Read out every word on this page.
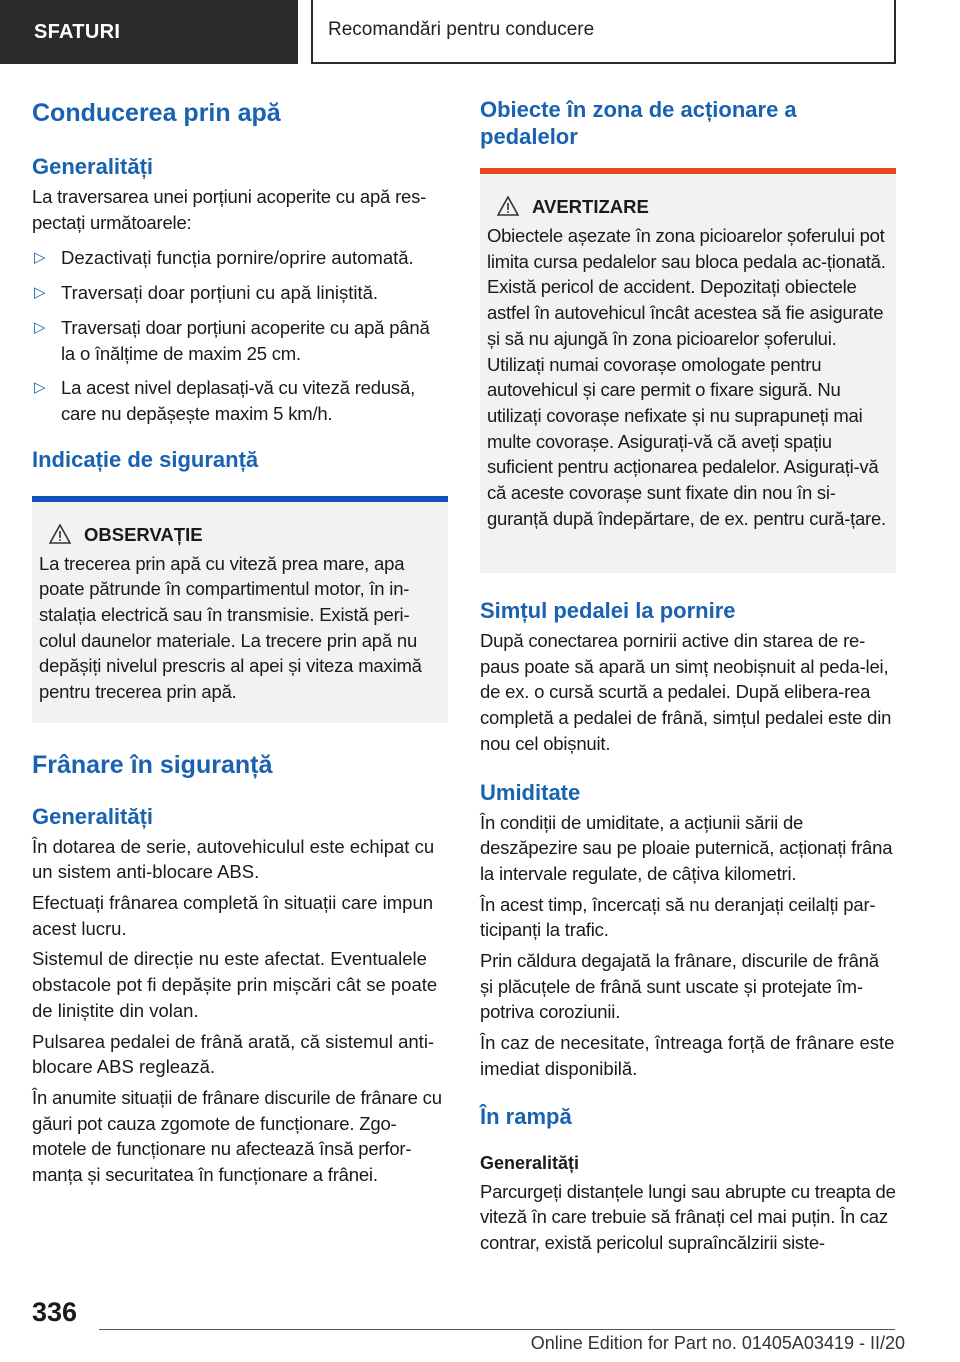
SFATURI	Recomandări pentru conducere
Conducerea prin apă
Generalități

La traversarea unei porțiuni acoperite cu apă res-pectați următoarele:

▷ Dezactivați funcția pornire/oprire automată.
▷ Traversați doar porțiuni cu apă liniștită.
▷ Traversați doar porțiuni acoperite cu apă până la o înălțime de maxim 25 cm.
▷ La acest nivel deplasați-vă cu viteză redusă, care nu depășește maxim 5 km/h.
Indicație de siguranță
OBSERVAȚIE

La trecerea prin apă cu viteză prea mare, apa poate pătrunde în compartimentul motor, în in-stalația electrică sau în transmisie. Există peri-colul daunelor materiale. La trecere prin apă nu depășiți nivelul prescris al apei și viteza maximă pentru trecerea prin apă.

Frânare în siguranță
Generalități

În dotarea de serie, autovehiculul este echipat cu un sistem anti-blocare ABS.

Efectuați frânarea completă în situații care impun acest lucru.

Sistemul de direcție nu este afectat. Eventualele obstacole pot fi depășite prin mișcări cât se poate de liniștite din volan.

Pulsarea pedalei de frână arată, că sistemul anti-blocare ABS reglează.

În anumite situații de frânare discurile de frânare cu găuri pot cauza zgomote de funcționare. Zgo-motele de funcționare nu afectează însă perfor-manța și securitatea în funcționare a frânei.

Obiecte în zona de acționare a pedalelor
AVERTIZARE

Obiectele așezate în zona picioarelor șoferului pot limita cursa pedalelor sau bloca pedala ac-ționată. Există pericol de accident. Depozitați obiectele astfel în autovehicul încât acestea să fie asigurate și să nu ajungă în zona picioarelor șoferului. Utilizați numai covorașe omologate pentru autovehicul și care permit o fixare sigură. Nu utilizați covorașe nefixate și nu suprapuneți mai multe covorașe. Asigurați-vă că aveți spațiu suficient pentru acționarea pedalelor. Asigurați-vă că aceste covorașe sunt fixate din nou în si-guranță după îndepărtare, de ex. pentru cură-țare.

Simțul pedalei la pornire

După conectarea pornirii active din starea de re-paus poate să apară un simț neobișnuit al peda-lei, de ex. o cursă scurtă a pedalei. După elibera-rea completă a pedalei de frână, simțul pedalei este din nou cel obișnuit.

Umiditate

În condiții de umiditate, a acțiunii sării de deszăpezire sau pe ploaie puternică, acționați frâna la intervale regulate, de câțiva kilometri.

În acest timp, încercați să nu deranjați ceilalți par-ticipanți la trafic.

Prin căldura degajată la frânare, discurile de frână și plăcuțele de frână sunt uscate și protejate îm-potriva coroziunii.

În caz de necesitate, întreaga forță de frânare este imediat disponibilă.

În rampă
Generalități

Parcurgeți distanțele lungi sau abrupte cu treapta de viteză în care trebuie să frânați cel mai puțin. În caz contrar, există pericolul supraîncălzirii siste-

336
Online Edition for Part no. 01405A03419 - II/20
